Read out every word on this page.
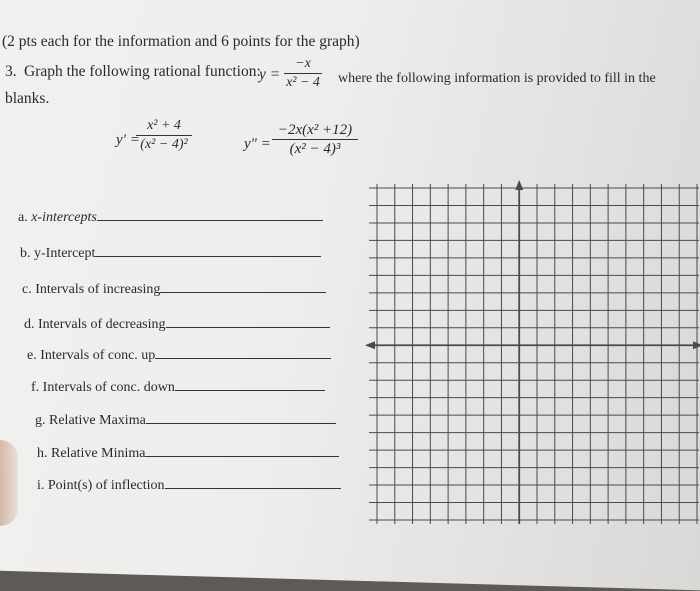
(2 pts each for the information and 6 points for the graph)
3. Graph the following rational function:
y =
−x
x² − 4 where the following information is provided to fill in the
blanks.
y′ =
x² + 4
(x² − 4)²	y″ =
−2x(x² +12)
(x² − 4)³
a. x-intercepts
b. y-Intercept
c. Intervals of increasing
d. Intervals of decreasing
e. Intervals of conc. up
f. Intervals of conc. down
g. Relative Maxima
h. Relative Minima
i. Point(s) of inflection
